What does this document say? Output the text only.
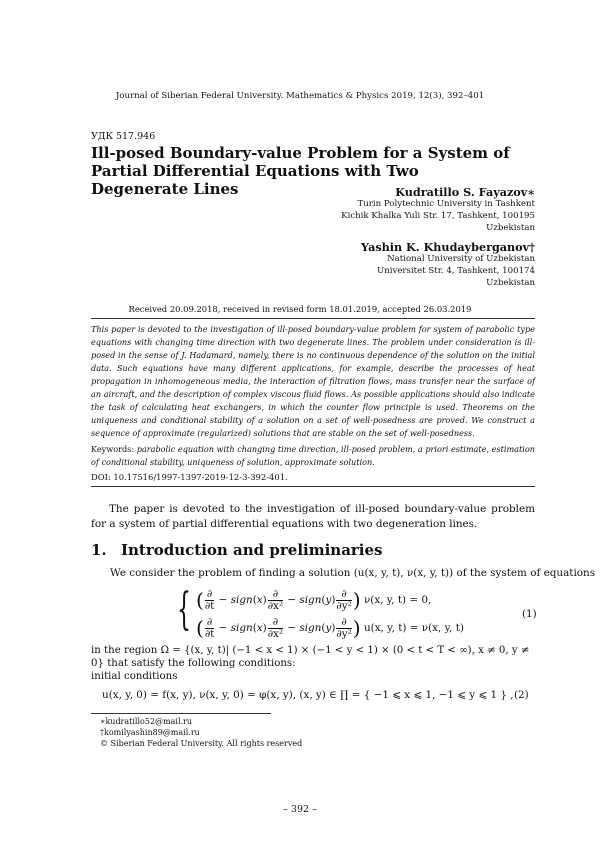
Journal of Siberian Federal University. Mathematics & Physics 2019, 12(3), 392–401
УДК 517.946
Ill-posed Boundary-value Problem for a System of Partial Differential Equations with Two Degenerate Lines	Kudratillo S. Fayazov∗
Turin Polytechnic University in Tashkent
Kichik Khalka Yuli Str. 17, Tashkent, 100195
Uzbekistan
Yashin K. Khudayberganov†
National University of Uzbekistan
Universitet Str. 4, Tashkent, 100174
Uzbekistan
Received 20.09.2018, received in revised form 18.01.2019, accepted 26.03.2019
This paper is devoted to the investigation of ill-posed boundary-value problem for system of parabolic type equations with changing time direction with two degenerate lines. The problem under consideration is ill-posed in the sense of J. Hadamard, namely, there is no continuous dependence of the solution on the initial data. Such equations have many different applications, for example, describe the processes of heat propagation in inhomogeneous media, the interaction of filtration flows, mass transfer near the surface of an aircraft, and the description of complex viscous fluid flows. As possible applications should also indicate the task of calculating heat exchangers, in which the counter flow principle is used. Theorems on the uniqueness and conditional stability of a solution on a set of well-posedness are proved. We construct a sequence of approximate (regularized) solutions that are stable on the set of well-posedness.
Keywords: parabolic equation with changing time direction, ill-posed problem, a priori estimate, estimation of conditional stability, uniqueness of solution, approximate solution.
DOI: 10.17516/1997-1397-2019-12-3-392-401.
The paper is devoted to the investigation of ill-posed boundary-value problem for a system of partial differential equations with two degeneration lines.
1. Introduction and preliminaries
We consider the problem of finding a solution (u(x, y, t), ν(x, y, t)) of the system of equations
{ ( $\frac{\partial}{\partial t}$ − sign(x) $\frac{\partial}{\text{∂x²}}$ − sign(y) $\frac{\partial}{\text{∂y²}}$ ) ν(x, y, t) = 0,
( $\frac{\partial}{\partial t}$ − sign(x) $\frac{\partial}{\text{∂x²}}$ − sign(y) $\frac{\partial}{\text{∂y²}}$ ) u(x, y, t) = ν(x, y, t)
(1)
in the region Ω = {(x, y, t)| (−1 < x < 1) × (−1 < y < 1) × (0 < t < T < ∞), x ≠ 0, y ≠ 0} that satisfy the following conditions:
initial conditions
u(x, y, 0) = f(x, y), ν(x, y, 0) = φ(x, y), (x, y) ∈ ∏ = { −1 ⩽ x ⩽ 1, −1 ⩽ y ⩽ 1 } , (2)
∗kudratillo52@mail.ru
†komilyashin89@mail.ru
© Siberian Federal University. All rights reserved
– 392 –
